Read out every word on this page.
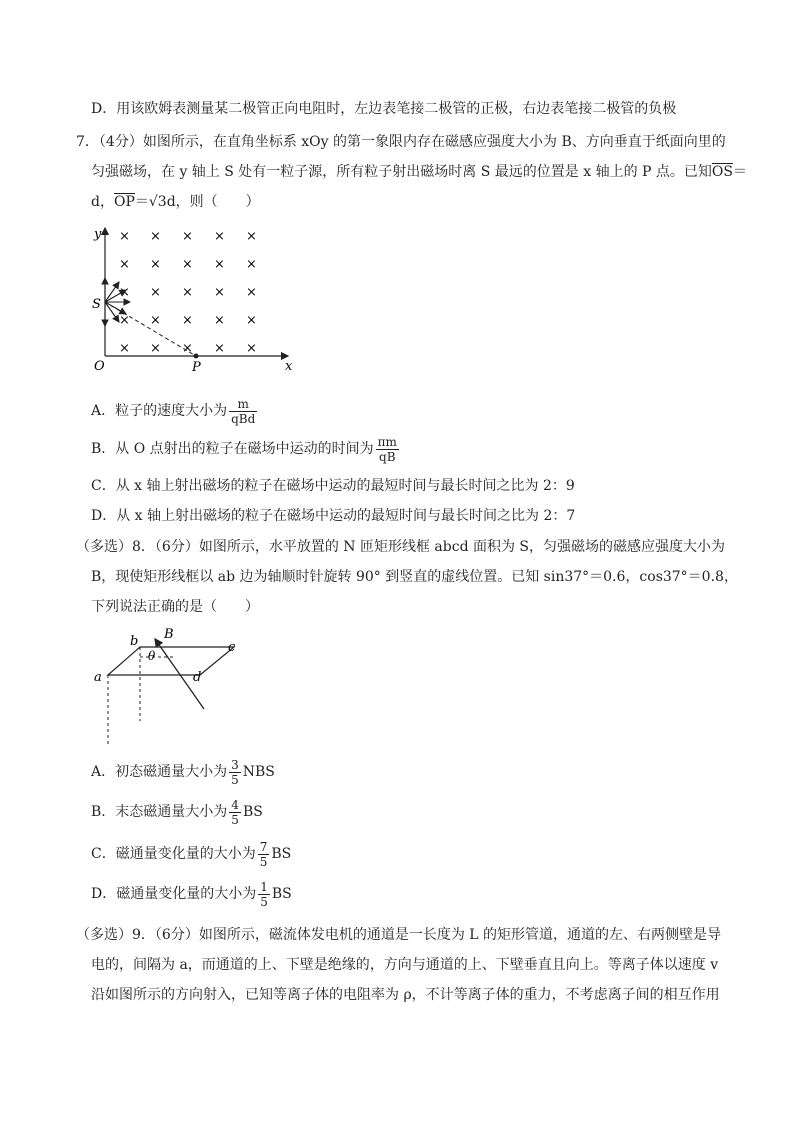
D．用该欧姆表测量某二极管正向电阻时，左边表笔接二极管的正极，右边表笔接二极管的负极
7．（4分）如图所示，在直角坐标系 xOy 的第一象限内存在磁感应强度大小为 B、方向垂直于纸面向里的
匀强磁场，在 y 轴上 S 处有一粒子源，所有粒子射出磁场时离 S 最远的位置是 x 轴上的 P 点。已知$\overline{OS}=$
d，$\overline{OP}=√3d$，则（　　）
y
x
O
S
P
× × × × ×
× × × × ×
× × × × ×
× × × × ×
× × × × ×
A．粒子的速度大小为 $\frac{m}{\text{qBd}}$
B．从 O 点射出的粒子在磁场中运动的时间为 $\frac{\pi m}{qB}$
C．从 x 轴上射出磁场的粒子在磁场中运动的最短时间与最长时间之比为 2：9
D．从 x 轴上射出磁场的粒子在磁场中运动的最短时间与最长时间之比为 2：7
（多选）8．（6分）如图所示，水平放置的 N 匝矩形线框 abcd 面积为 S，匀强磁场的磁感应强度大小为
B，现使矩形线框以 ab 边为轴顺时针旋转 90° 到竖直的虚线位置。已知 sin37°＝0.6，cos37°＝0.8，
下列说法正确的是（　　）
a
b	c
d
B
θ
A．初态磁通量大小为 $\frac{3}{5}$ NBS
B．末态磁通量大小为 $\frac{4}{5}$ BS
C．磁通量变化量的大小为 $\frac{7}{5}$ BS
D．磁通量变化量的大小为 $\frac{1}{5}$ BS
（多选）9．（6分）如图所示，磁流体发电机的通道是一长度为 L 的矩形管道，通道的左、右两侧壁是导
电的，间隔为 a，而通道的上、下壁是绝缘的，方向与通道的上、下壁垂直且向上。等离子体以速度 v
沿如图所示的方向射入，已知等离子体的电阻率为 ρ，不计等离子体的重力，不考虑离子间的相互作用
